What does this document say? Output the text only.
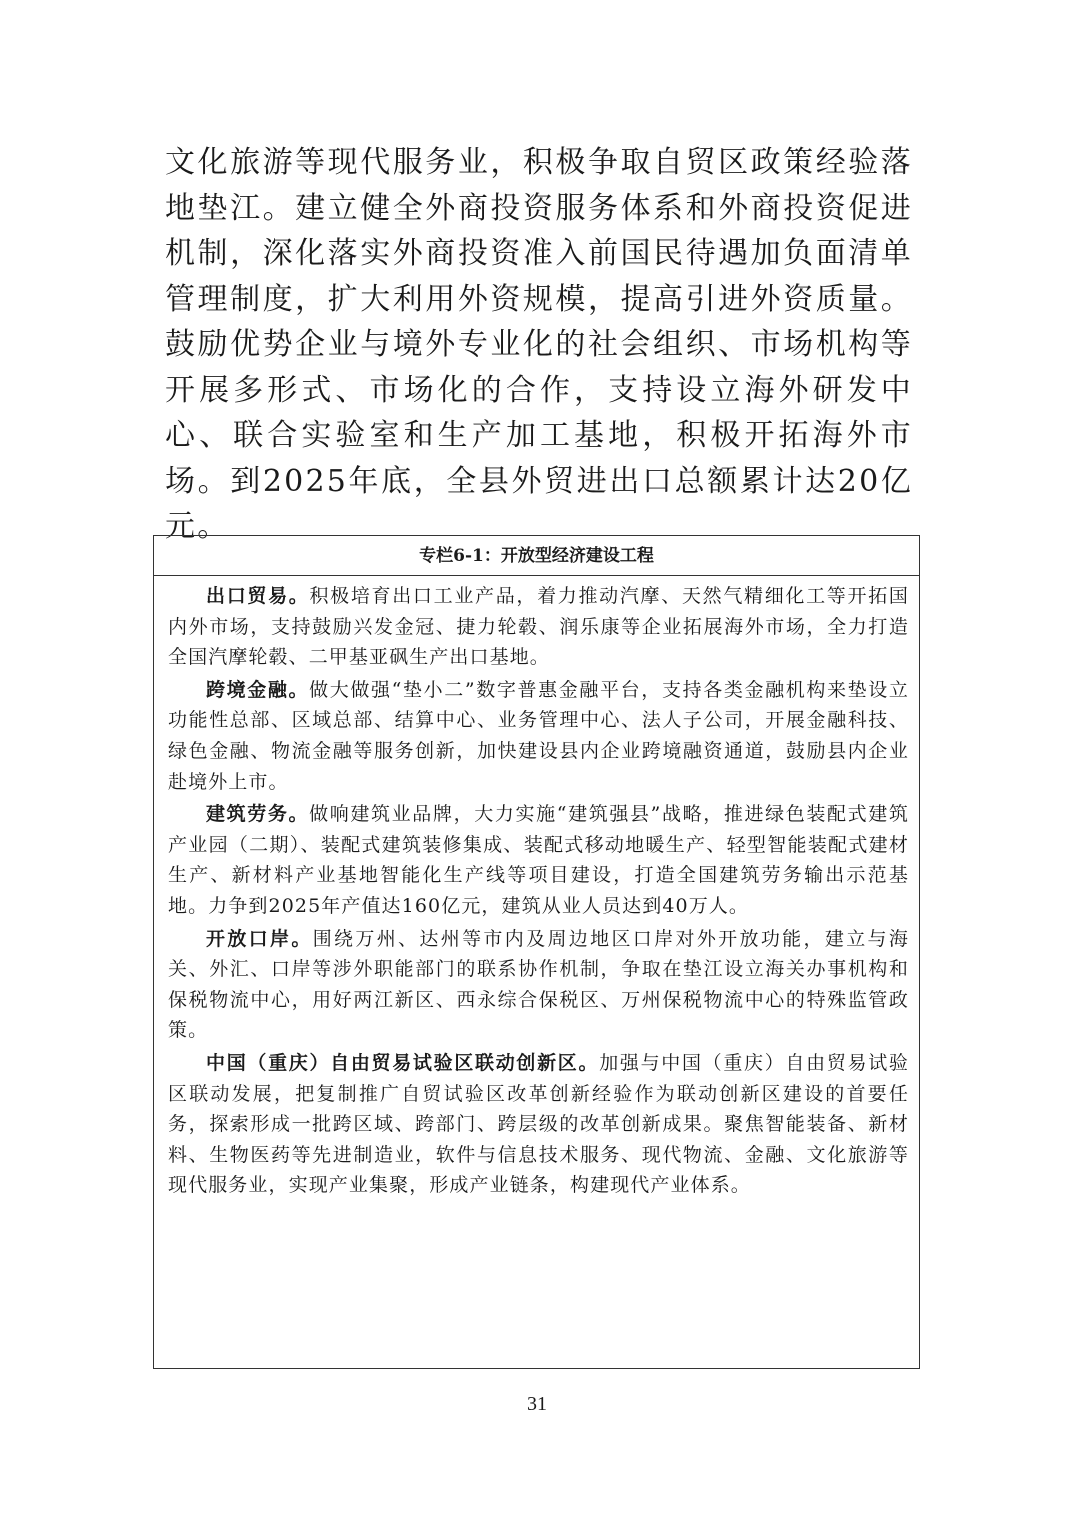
文化旅游等现代服务业，积极争取自贸区政策经验落地垫江。建立健全外商投资服务体系和外商投资促进机制，深化落实外商投资准入前国民待遇加负面清单管理制度，扩大利用外资规模，提高引进外资质量。鼓励优势企业与境外专业化的社会组织、市场机构等开展多形式、市场化的合作，支持设立海外研发中心、联合实验室和生产加工基地，积极开拓海外市场。到2025年底，全县外贸进出口总额累计达20亿元。

专栏6-1：开放型经济建设工程

出口贸易。积极培育出口工业产品，着力推动汽摩、天然气精细化工等开拓国内外市场，支持鼓励兴发金冠、捷力轮毂、润乐康等企业拓展海外市场，全力打造全国汽摩轮毂、二甲基亚砜生产出口基地。

跨境金融。做大做强“垫小二”数字普惠金融平台，支持各类金融机构来垫设立功能性总部、区域总部、结算中心、业务管理中心、法人子公司，开展金融科技、绿色金融、物流金融等服务创新，加快建设县内企业跨境融资通道，鼓励县内企业赴境外上市。

建筑劳务。做响建筑业品牌，大力实施“建筑强县”战略，推进绿色装配式建筑产业园（二期）、装配式建筑装修集成、装配式移动地暖生产、轻型智能装配式建材生产、新材料产业基地智能化生产线等项目建设，打造全国建筑劳务输出示范基地。力争到2025年产值达160亿元，建筑从业人员达到40万人。

开放口岸。围绕万州、达州等市内及周边地区口岸对外开放功能，建立与海关、外汇、口岸等涉外职能部门的联系协作机制，争取在垫江设立海关办事机构和保税物流中心，用好两江新区、西永综合保税区、万州保税物流中心的特殊监管政策。

中国（重庆）自由贸易试验区联动创新区。加强与中国（重庆）自由贸易试验区联动发展，把复制推广自贸试验区改革创新经验作为联动创新区建设的首要任务，探索形成一批跨区域、跨部门、跨层级的改革创新成果。聚焦智能装备、新材料、生物医药等先进制造业，软件与信息技术服务、现代物流、金融、文化旅游等现代服务业，实现产业集聚，形成产业链条，构建现代产业体系。

31
